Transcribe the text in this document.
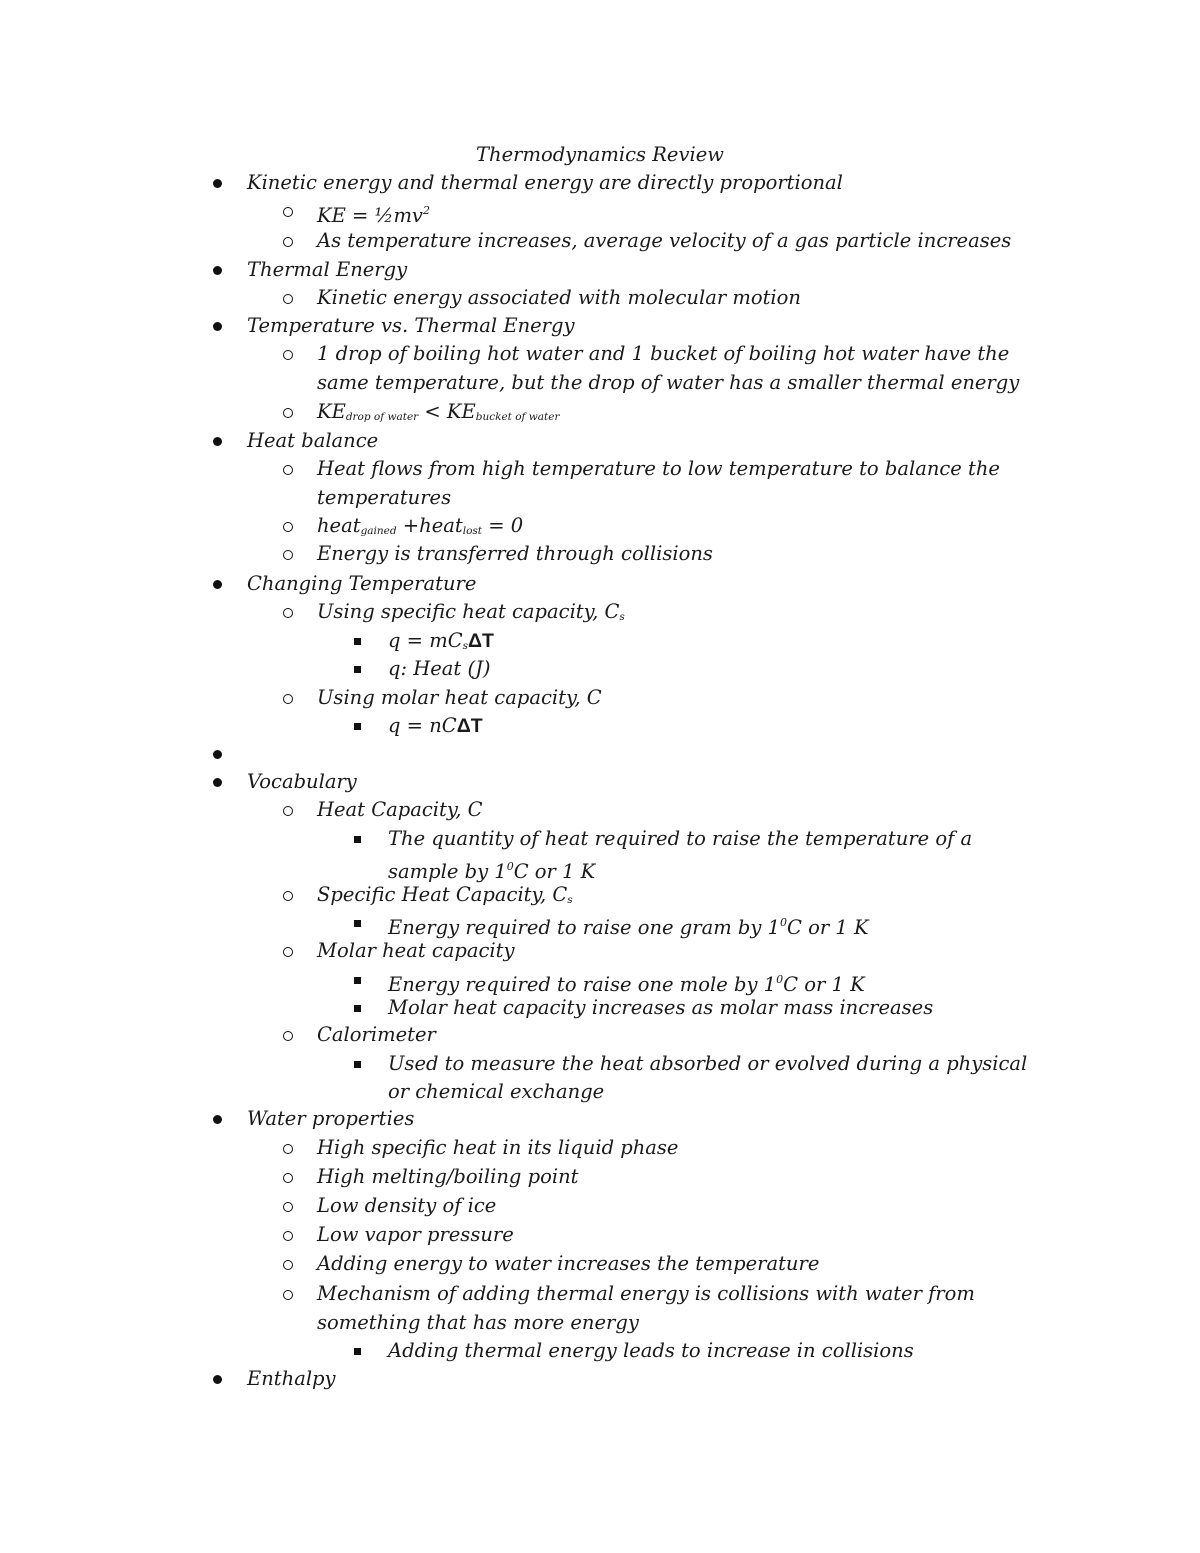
Thermodynamics Review
Kinetic energy and thermal energy are directly proportional
KE = $\frac{1}{2}mv^2$
As temperature increases, average velocity of a gas particle increases
Thermal Energy
Kinetic energy associated with molecular motion
Temperature vs. Thermal Energy
1 drop of boiling hot water and 1 bucket of boiling hot water have the
same temperature, but the drop of water has a smaller thermal energy
$KE_{drop of water} < KE_{bucket of water}$
Heat balance
Heat flows from high temperature to low temperature to balance the
temperatures
heat$_{gained}$ +heat$_{lost}$ = 0
Energy is transferred through collisions
Changing Temperature
Using specific heat capacity, $C_s$
$q = mC_s\Delta T$
q: Heat (J)
Using molar heat capacity, C
q = nCΔT
Vocabulary
Heat Capacity, C
The quantity of heat required to raise the temperature of a
sample by $1^0C$ or 1 K
Specific Heat Capacity, $C_s$
Energy required to raise one gram by $1^0C$ or 1 K
Molar heat capacity
Energy required to raise one mole by $1^0C$ or 1 K
Molar heat capacity increases as molar mass increases
Calorimeter
Used to measure the heat absorbed or evolved during a physical
or chemical exchange
Water properties
High specific heat in its liquid phase
High melting/boiling point
Low density of ice
Low vapor pressure
Adding energy to water increases the temperature
Mechanism of adding thermal energy is collisions with water from
something that has more energy
Adding thermal energy leads to increase in collisions
Enthalpy
